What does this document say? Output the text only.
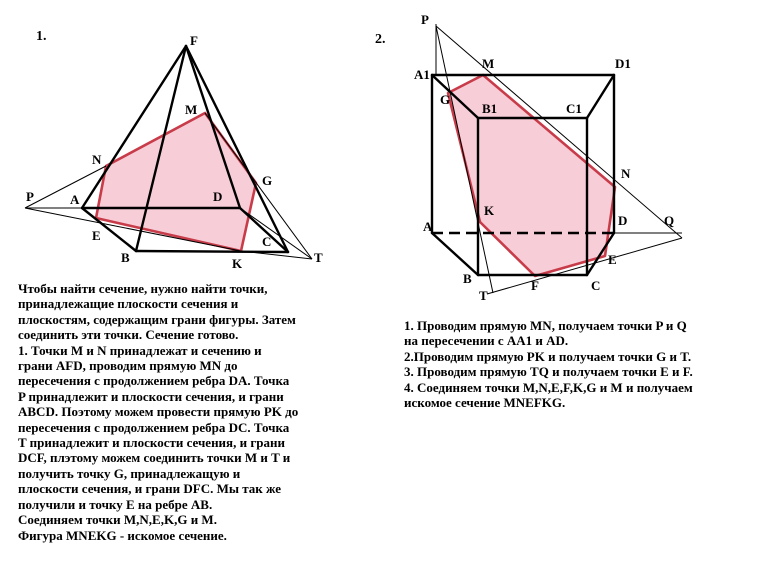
1.	F
M
N
G
P	A	D
E
B	K
C
T
2.
P
M	D1
A1
G
B1	C1
N
K
D	Q
A
E
B	F	C
T
Чтобы найти сечение, нужно найти точки,
принадлежащие плоскости сечения и
плоскостям, содержащим грани фигуры. Затем
соединить эти точки. Сечение готово.
1. Точки М и N принадлежат и сечению и
грани AFD, проводим прямую MN до
пересечения с продолжением ребра DA. Точка
P принадлежит и плоскости сечения, и грани
ABCD. Поэтому можем провести прямую PK до
пересечения с продолжением ребра DC. Точка
T принадлежит и плоскости сечения, и грани
DCF, плэтому можем соединить точки M и T и
получить точку G, принадлежащую и
плоскости сечения, и грани DFC. Мы так же
получили и точку E на ребре AB.
Соединяем точки M,N,E,K,G и M.
Фигура MNEKG - искомое сечение.
1. Проводим прямую MN, получаем точки P и Q
на пересечении с AA1 и AD.
2.Проводим прямую PK и получаем точки G и T.
3. Проводим прямую TQ и получаем точки E и F.
4. Соединяем точки M,N,E,F,K,G и M и получаем
искомое сечение MNEFKG.
